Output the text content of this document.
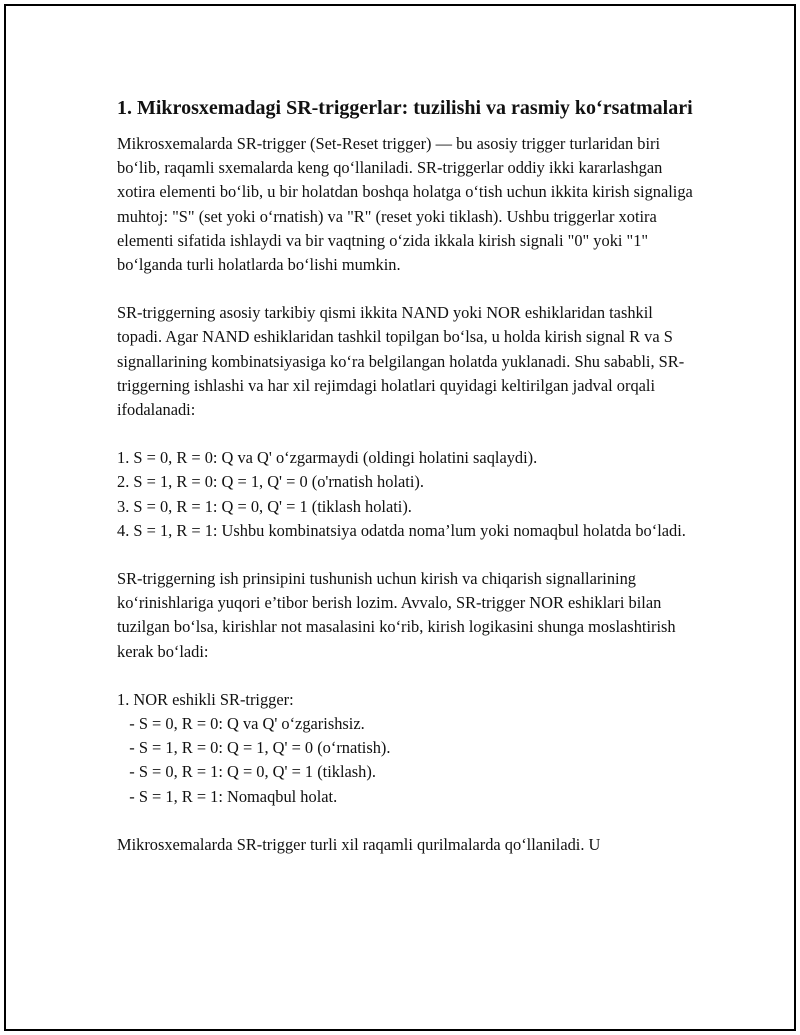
1. Mikrosxemadagi SR-triggerlar: tuzilishi va rasmiy ko‘rsatmalari

Mikrosxemalarda SR-trigger (Set-Reset trigger) — bu asosiy trigger turlaridan biri bo‘lib, raqamli sxemalarda keng qo‘llaniladi. SR-triggerlar oddiy ikki kararlashgan xotira elementi bo‘lib, u bir holatdan boshqa holatga o‘tish uchun ikkita kirish signaliga muhtoj: "S" (set yoki o‘rnatish) va "R" (reset yoki tiklash). Ushbu triggerlar xotira elementi sifatida ishlaydi va bir vaqtning o‘zida ikkala kirish signali "0" yoki "1" bo‘lganda turli holatlarda bo‘lishi mumkin.

SR-triggerning asosiy tarkibiy qismi ikkita NAND yoki NOR eshiklaridan tashkil topadi. Agar NAND eshiklaridan tashkil topilgan bo‘lsa, u holda kirish signal R va S signallarining kombinatsiyasiga ko‘ra belgilangan holatda yuklanadi. Shu sababli, SR-triggerning ishlashi va har xil rejimdagi holatlari quyidagi keltirilgan jadval orqali ifodalanadi:

1. S = 0, R = 0: Q va Q' o‘zgarmaydi (oldingi holatini saqlaydi).
2. S = 1, R = 0: Q = 1, Q' = 0 (o'rnatish holati).
3. S = 0, R = 1: Q = 0, Q' = 1 (tiklash holati).

4. S = 1, R = 1: Ushbu kombinatsiya odatda noma’lum yoki nomaqbul holatda bo‘ladi.

SR-triggerning ish prinsipini tushunish uchun kirish va chiqarish signallarining ko‘rinishlariga yuqori e’tibor berish lozim. Avvalo, SR-trigger NOR eshiklari bilan tuzilgan bo‘lsa, kirishlar not masalasini ko‘rib, kirish logikasini shunga moslashtirish kerak bo‘ladi:

1. NOR eshikli SR-trigger:
- S = 0, R = 0: Q va Q' o‘zgarishsiz.
- S = 1, R = 0: Q = 1, Q' = 0 (o‘rnatish).
- S = 0, R = 1: Q = 0, Q' = 1 (tiklash).
- S = 1, R = 1: Nomaqbul holat.

Mikrosxemalarda SR-trigger turli xil raqamli qurilmalarda qo‘llaniladi. U
